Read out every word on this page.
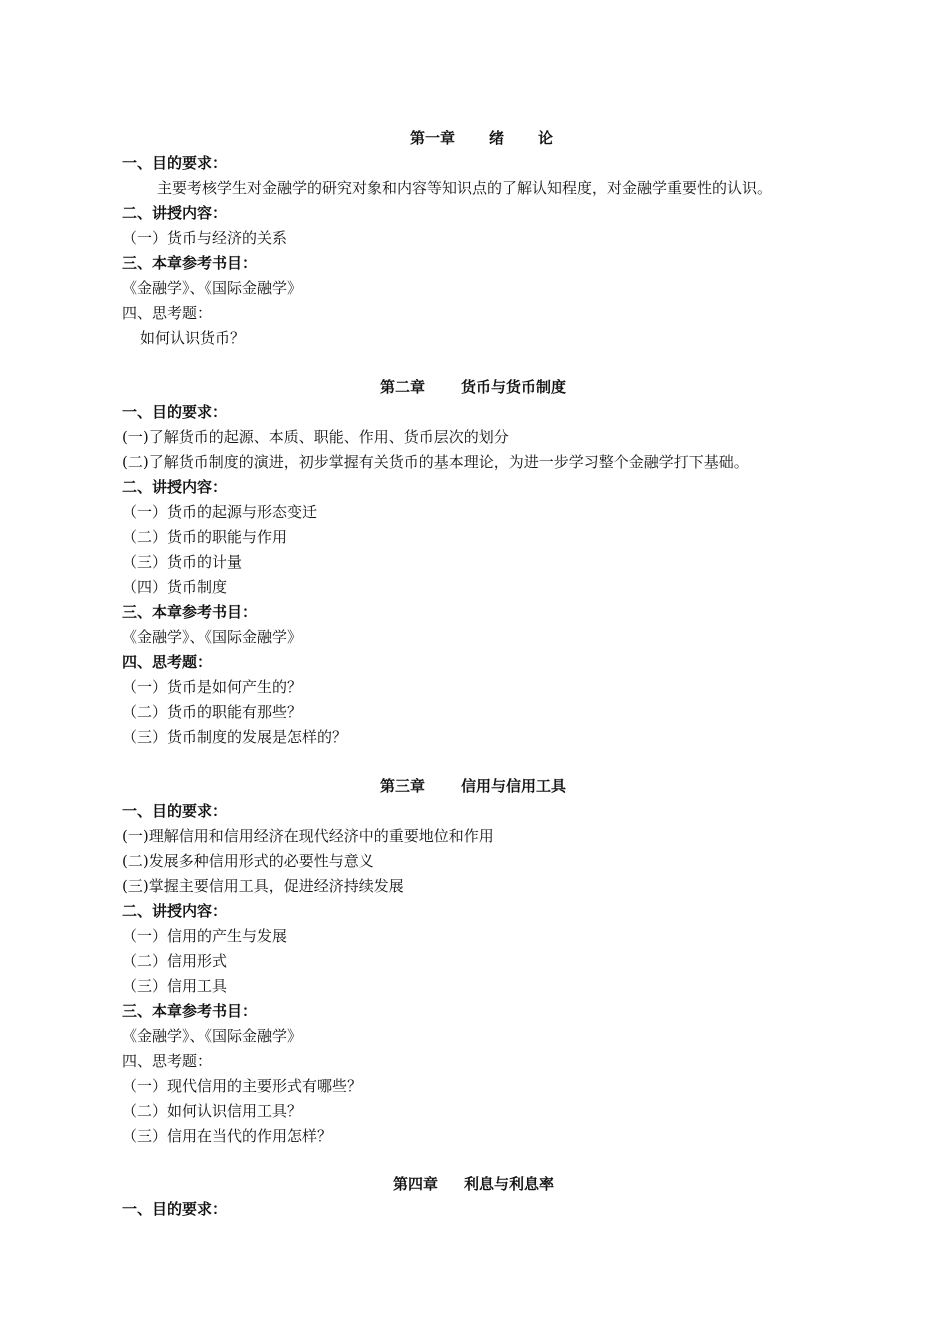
第一章 绪 论
一、目的要求：
主要考核学生对金融学的研究对象和内容等知识点的了解认知程度，对金融学重要性的认识。
二、讲授内容：
（一）货币与经济的关系
三、本章参考书目：
《金融学》、《国际金融学》
四、思考题：
如何认识货币？
第二章 货币与货币制度
一、目的要求：
(一)了解货币的起源、本质、职能、作用、货币层次的划分
(二)了解货币制度的演进，初步掌握有关货币的基本理论，为进一步学习整个金融学打下基础。
二、讲授内容：
（一）货币的起源与形态变迁
（二）货币的职能与作用
（三）货币的计量
（四）货币制度
三、本章参考书目：
《金融学》、《国际金融学》
四、思考题：
（一）货币是如何产生的？
（二）货币的职能有那些？
（三）货币制度的发展是怎样的？
第三章 信用与信用工具
一、目的要求：
(一)理解信用和信用经济在现代经济中的重要地位和作用
(二)发展多种信用形式的必要性与意义
(三)掌握主要信用工具，促进经济持续发展
二、讲授内容：
（一）信用的产生与发展
（二）信用形式
（三）信用工具
三、本章参考书目：
《金融学》、《国际金融学》
四、思考题：
（一）现代信用的主要形式有哪些？
（二）如何认识信用工具？
（三）信用在当代的作用怎样？
第四章 利息与利息率
一、目的要求：
